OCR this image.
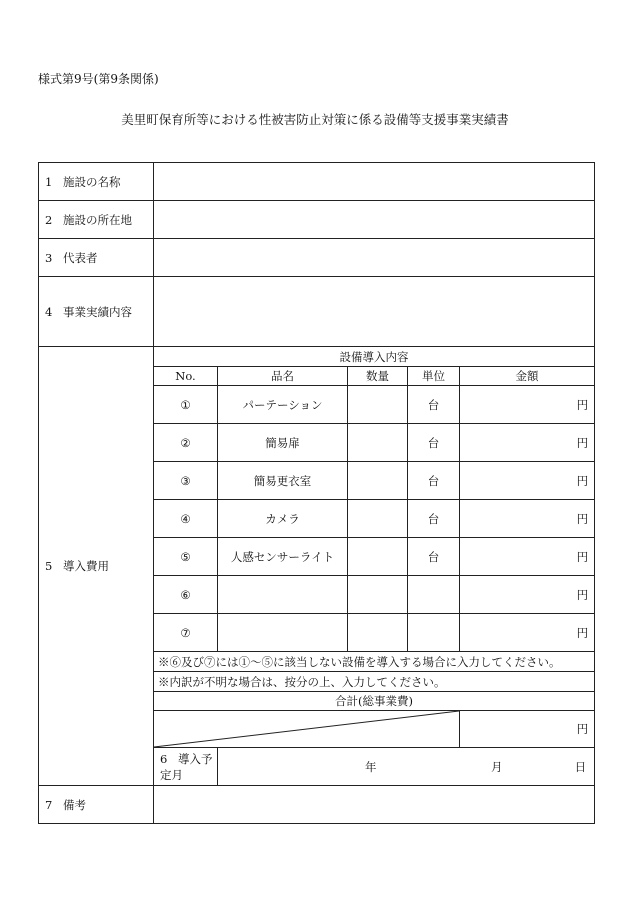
様式第9号(第9条関係)
美里町保育所等における性被害防止対策に係る設備等支援事業実績書
1 施設の名称					
2 施設の所在地					
3 代表者					
4 事業実績内容					
5 導入費用	設備導入内容				
	No.	品名	数量	単位	金額
	①	パーテーション		台	円
	②	簡易扉		台	円
	③	簡易更衣室		台	円
	④	カメラ		台	円
	⑤	人感センサーライト		台	円
	⑥				円
	⑦				円
	※⑥及び⑦には①～⑤に該当しない設備を導入する場合に入力してください。				
	※内訳が不明な場合は、按分の上、入力してください。				
	合計(総事業費)				

	円
	6 導入予定月	年 月 日			

7 備考					
